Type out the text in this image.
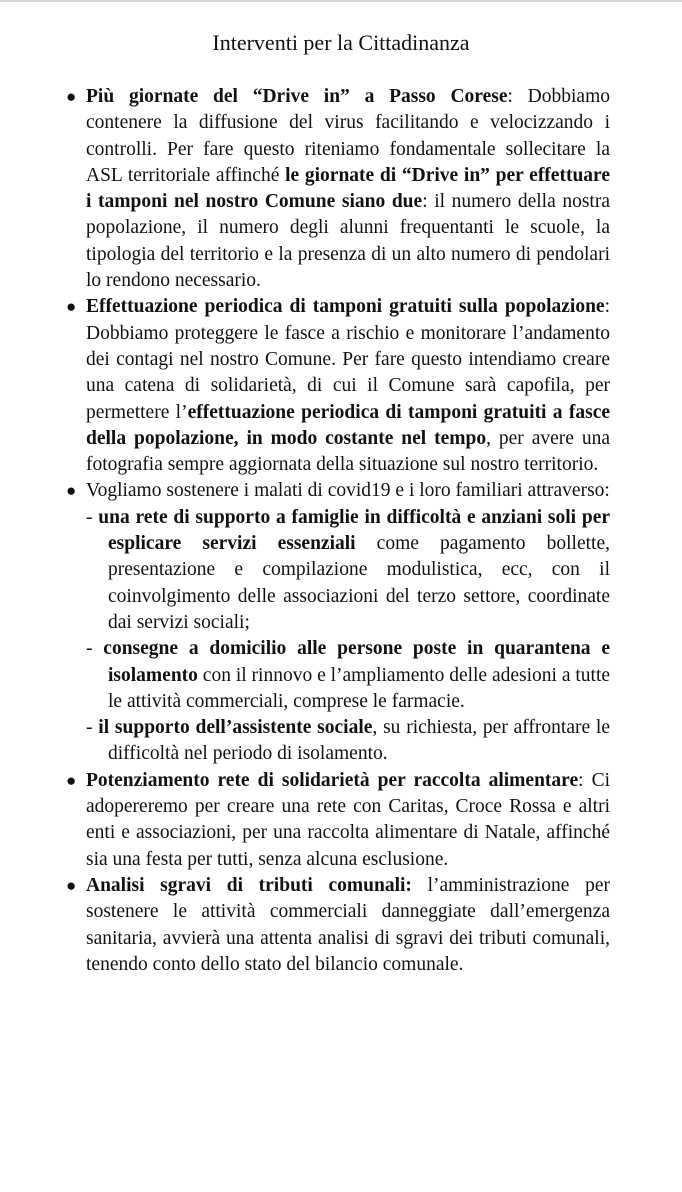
Interventi per la Cittadinanza

● Più giornate del “Drive in” a Passo Corese: Dobbiamo contenere la diffusione del virus facilitando e velocizzando i controlli. Per fare questo riteniamo fondamentale sollecitare la ASL territoriale affinché le giornate di “Drive in” per effettuare i tamponi nel nostro Comune siano due: il numero della nostra popolazione, il numero degli alunni frequentanti le scuole, la tipologia del territorio e la presenza di un alto numero di pendolari lo rendono necessario.

● Effettuazione periodica di tamponi gratuiti sulla popolazione: Dobbiamo proteggere le fasce a rischio e monitorare l’andamento dei contagi nel nostro Comune. Per fare questo intendiamo creare una catena di solidarietà, di cui il Comune sarà capofila, per permettere l’effettuazione periodica di tamponi gratuiti a fasce della popolazione, in modo costante nel tempo, per avere una fotografia sempre aggiornata della situazione sul nostro territorio.

● Vogliamo sostenere i malati di covid19 e i loro familiari attraverso:

- una rete di supporto a famiglie in difficoltà e anziani soli per esplicare servizi essenziali come pagamento bollette, presentazione e compilazione modulistica, ecc, con il coinvolgimento delle associazioni del terzo settore, coordinate dai servizi sociali;

- consegne a domicilio alle persone poste in quarantena e isolamento con il rinnovo e l’ampliamento delle adesioni a tutte le attività commerciali, comprese le farmacie.

- il supporto dell’assistente sociale, su richiesta, per affrontare le difficoltà nel periodo di isolamento.

● Potenziamento rete di solidarietà per raccolta alimentare: Ci adopereremo per creare una rete con Caritas, Croce Rossa e altri enti e associazioni, per una raccolta alimentare di Natale, affinché sia una festa per tutti, senza alcuna esclusione.

● Analisi sgravi di tributi comunali: l’amministrazione per sostenere le attività commerciali danneggiate dall’emergenza sanitaria, avvierà una attenta analisi di sgravi dei tributi comunali, tenendo conto dello stato del bilancio comunale.
